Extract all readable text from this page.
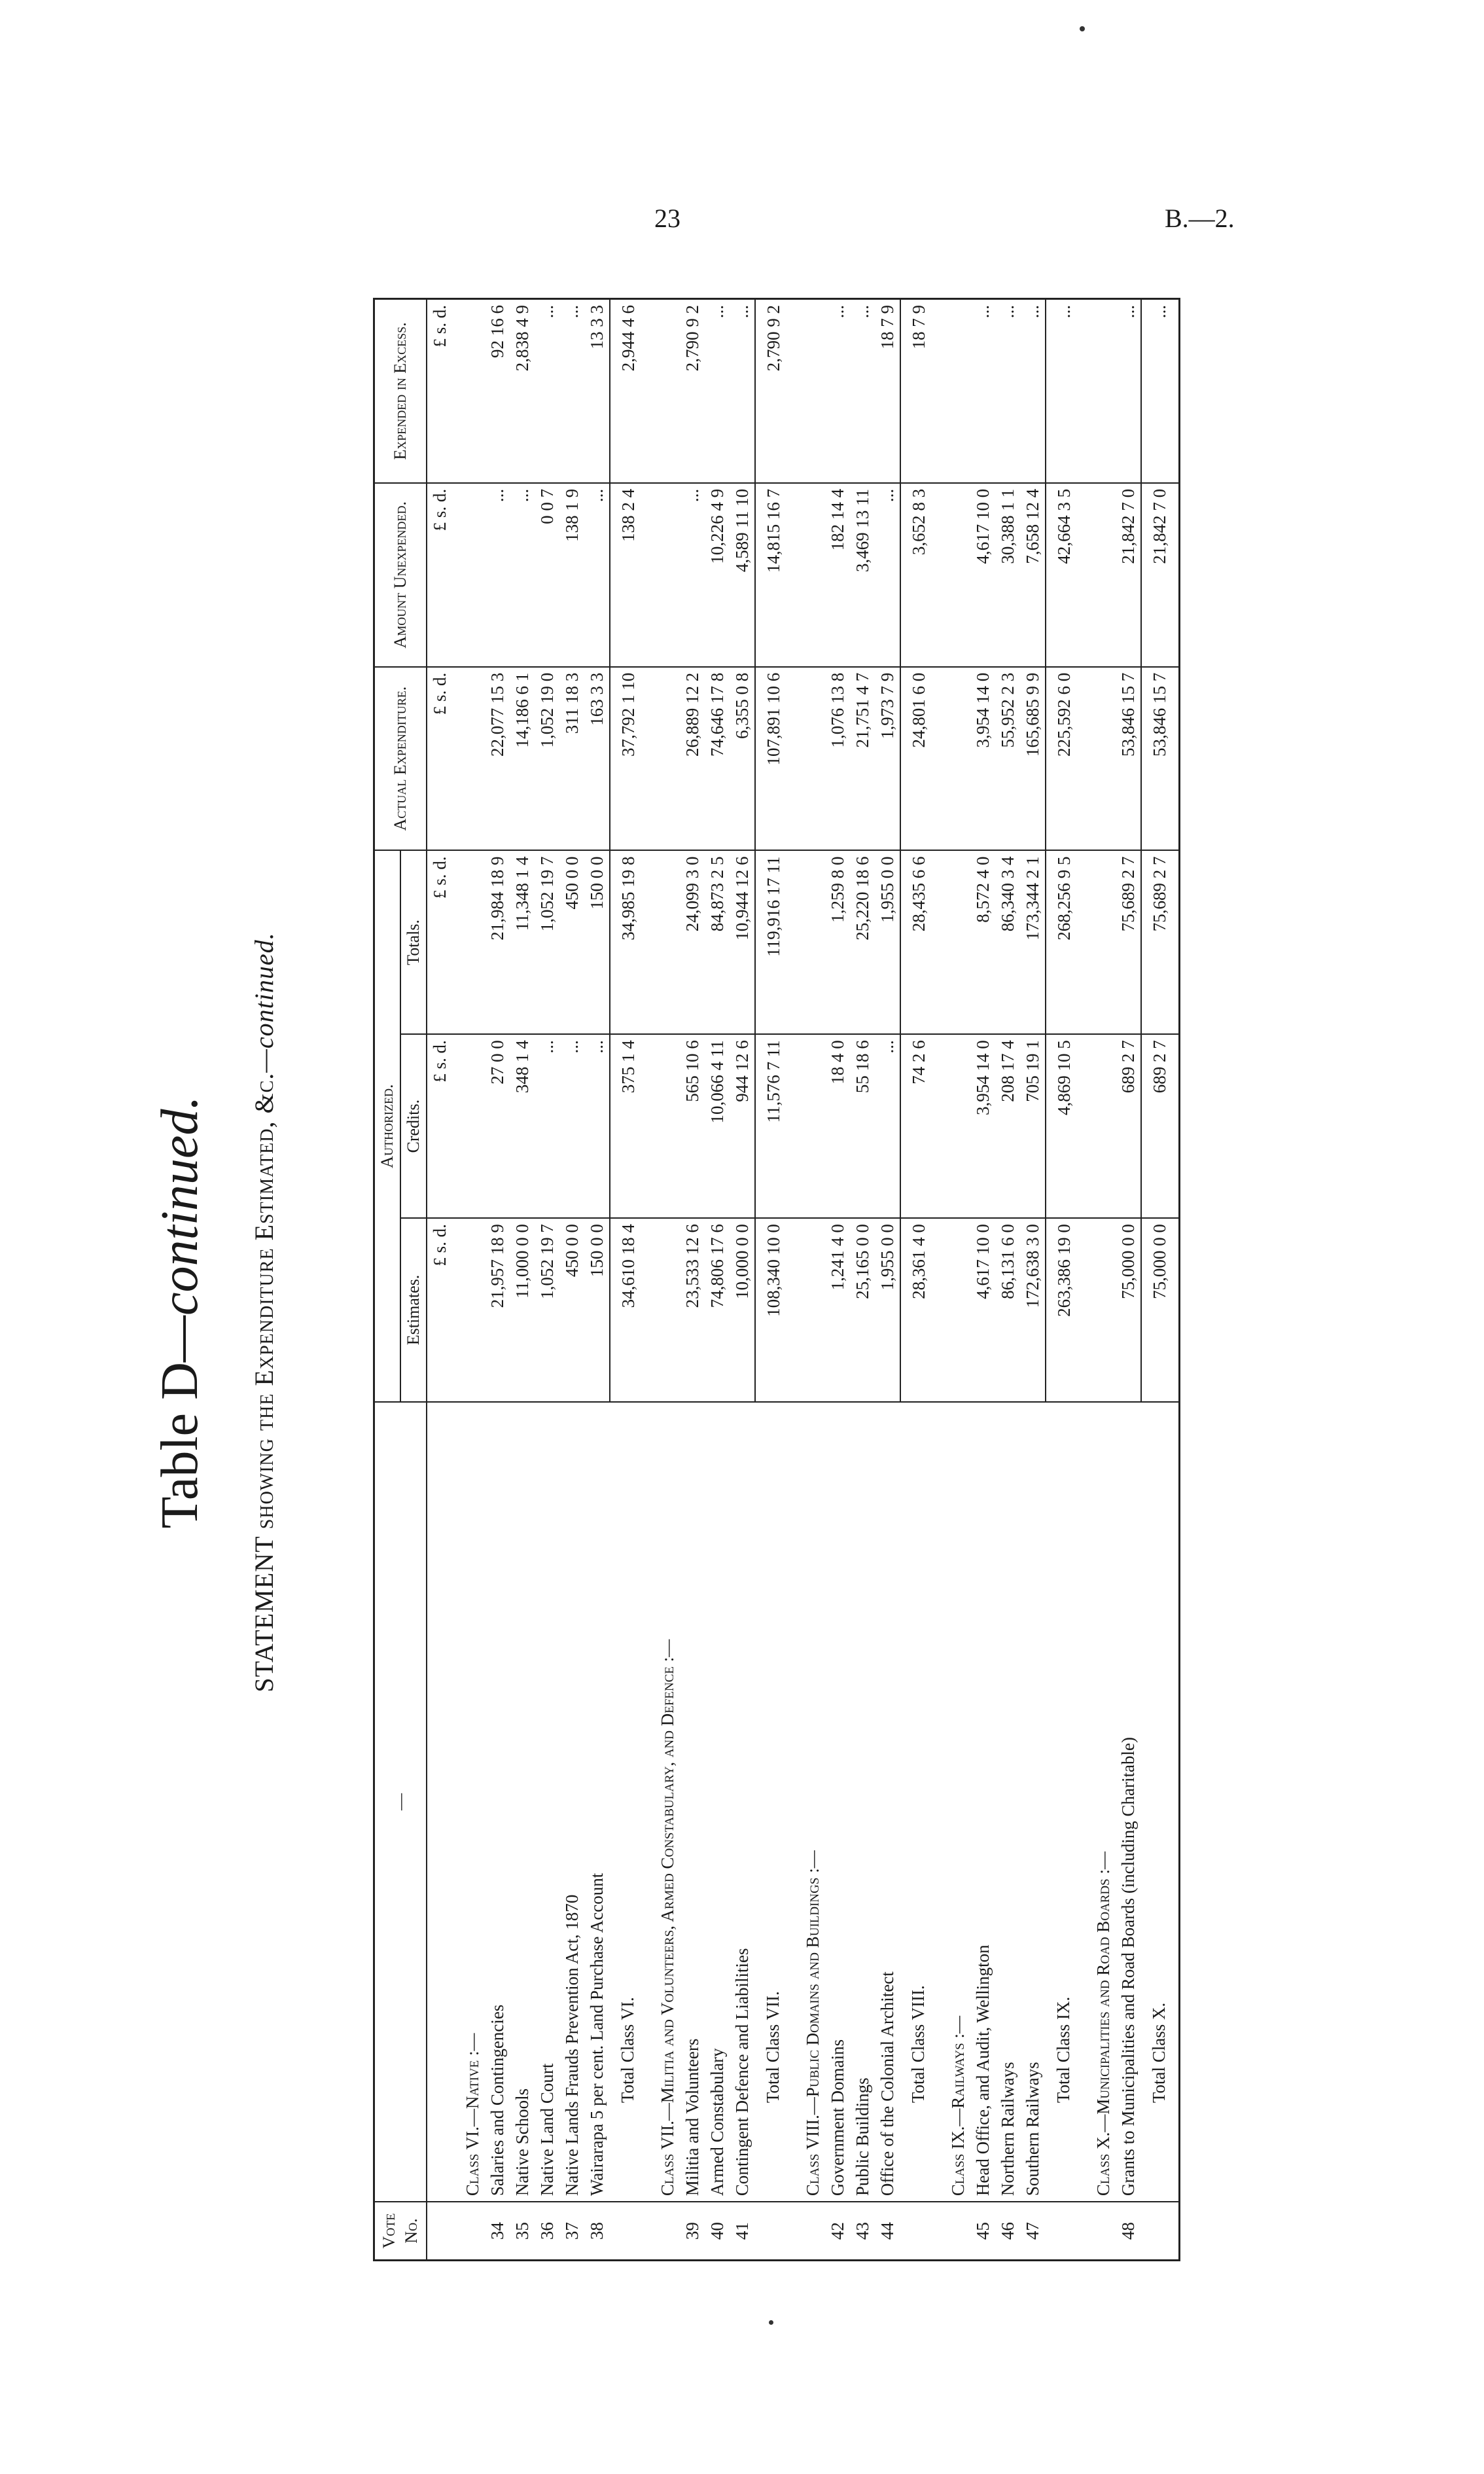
23	B.—2.
Table D—continued. STATEMENT showing the Expenditure Estimated, &c.—continued.
Vote No.	—	Authorized.			Actual Expenditure.	Amount Unexpended.	Expended in Excess.
		Estimates.	Credits.	Totals.			
		£ s. d.	£ s. d.	£ s. d.	£ s. d.	£ s. d.	£ s. d.
	Class VI.—Native :—						
34	Salaries and Contingencies	21,957 18 9	27 0 0	21,984 18 9	22,077 15 3	...	92 16 6
35	Native Schools	11,000 0 0	348 1 4	11,348 1 4	14,186 6 1	...	2,838 4 9
36	Native Land Court	1,052 19 7	...	1,052 19 7	1,052 19 0	0 0 7	...
37	Native Lands Frauds Prevention Act, 1870	450 0 0	...	450 0 0	311 18 3	138 1 9	...
38	Wairarapa 5 per cent. Land Purchase Account	150 0 0	...	150 0 0	163 3 3	...	13 3 3
	Total Class VI.	34,610 18 4	375 1 4	34,985 19 8	37,792 1 10	138 2 4	2,944 4 6
	Class VII.—Militia and Volunteers, Armed Constabulary, and Defence :—						
39	Militia and Volunteers	23,533 12 6	565 10 6	24,099 3 0	26,889 12 2	...	2,790 9 2
40	Armed Constabulary	74,806 17 6	10,066 4 11	84,873 2 5	74,646 17 8	10,226 4 9	...
41	Contingent Defence and Liabilities	10,000 0 0	944 12 6	10,944 12 6	6,355 0 8	4,589 11 10	...
	Total Class VII.	108,340 10 0	11,576 7 11	119,916 17 11	107,891 10 6	14,815 16 7	2,790 9 2
	Class VIII.—Public Domains and Buildings :—						
42	Government Domains	1,241 4 0	18 4 0	1,259 8 0	1,076 13 8	182 14 4	...
43	Public Buildings	25,165 0 0	55 18 6	25,220 18 6	21,751 4 7	3,469 13 11	...
44	Office of the Colonial Architect	1,955 0 0	...	1,955 0 0	1,973 7 9	...	18 7 9
	Total Class VIII.	28,361 4 0	74 2 6	28,435 6 6	24,801 6 0	3,652 8 3	18 7 9
	Class IX.—Railways :—						
45	Head Office, and Audit, Wellington	4,617 10 0	3,954 14 0	8,572 4 0	3,954 14 0	4,617 10 0	...
46	Northern Railways	86,131 6 0	208 17 4	86,340 3 4	55,952 2 3	30,388 1 1	...
47	Southern Railways	172,638 3 0	705 19 1	173,344 2 1	165,685 9 9	7,658 12 4	...
	Total Class IX.	263,386 19 0	4,869 10 5	268,256 9 5	225,592 6 0	42,664 3 5	...
	Class X.—Municipalities and Road Boards :—						
48	Grants to Municipalities and Road Boards (including Charitable)	75,000 0 0	689 2 7	75,689 2 7	53,846 15 7	21,842 7 0	...
	Total Class X.	75,000 0 0	689 2 7	75,689 2 7	53,846 15 7	21,842 7 0	...
